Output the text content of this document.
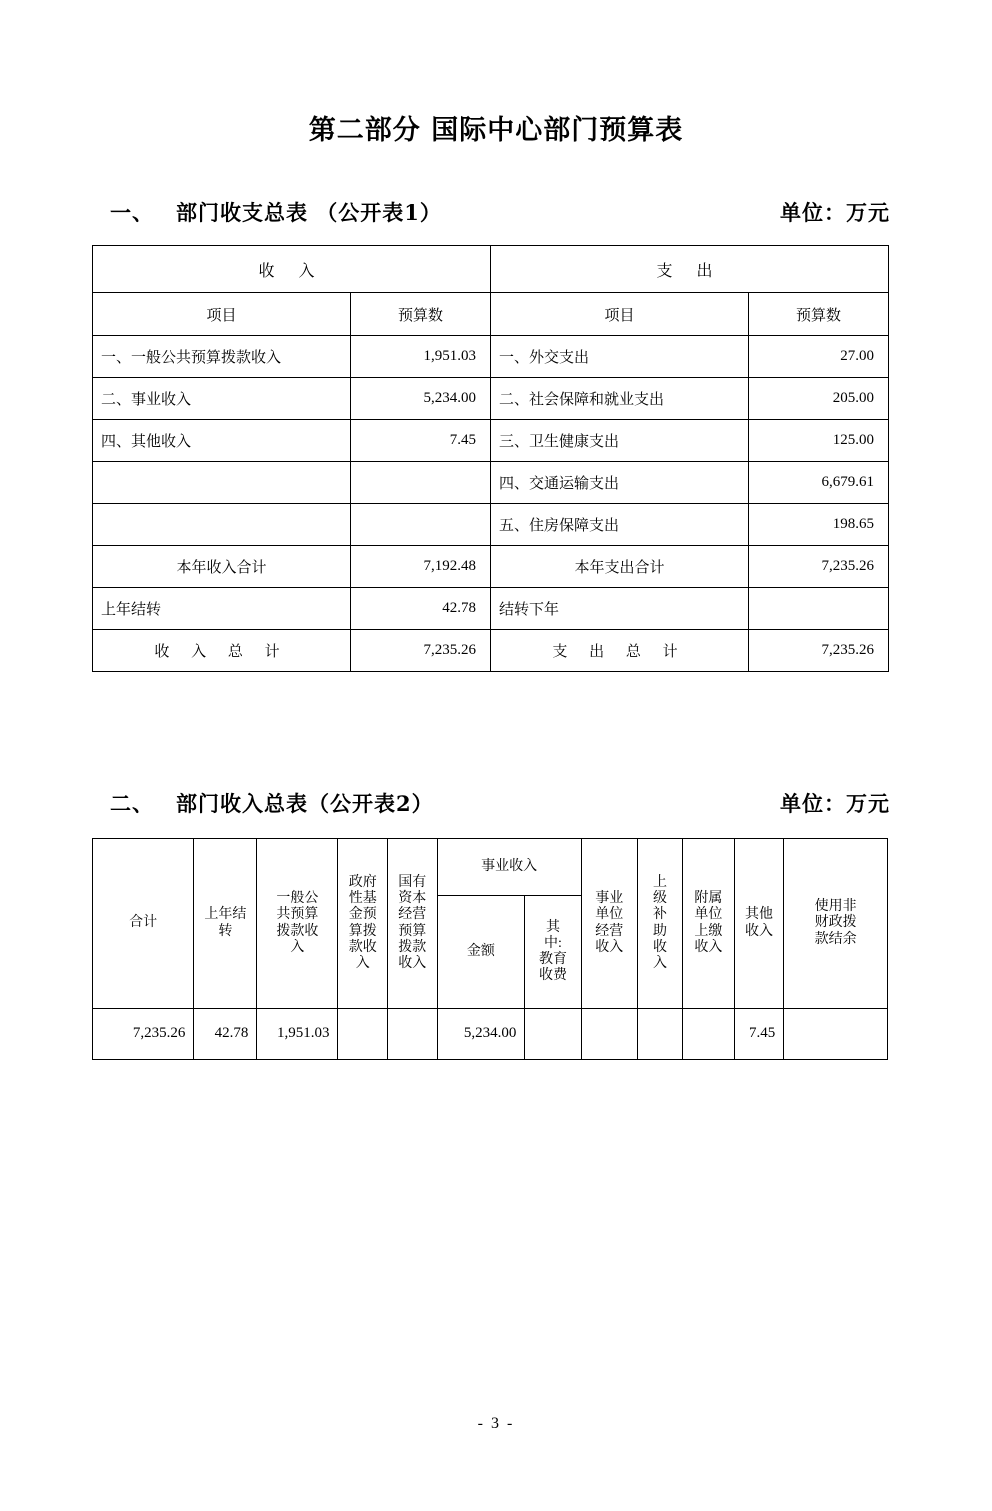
第二部分 国际中心部门预算表
一、 部门收支总表 （公开表1）	单位：万元
收 入		支 出	
项目	预算数	项目	预算数
一、一般公共预算拨款收入	1,951.03	一、外交支出	27.00
二、事业收入	5,234.00	二、社会保障和就业支出	205.00
四、其他收入	7.45	三、卫生健康支出	125.00
		四、交通运输支出	6,679.61
		五、住房保障支出	198.65
本年收入合计	7,192.48	本年支出合计	7,235.26
上年结转	42.78	结转下年	
收 入 总 计	7,235.26	支 出 总 计	7,235.26
二、 部门收入总表（公开表2）	单位：万元
合计	上年结转	一般公共预算拨款收入	政府性基金预算拨款收入	国有资本经营预算拨款收入	事业收入		事业单位经营收入	上级补助收入	附属单位上缴收入	其他收入	使用非财政拨款结余

					金额	其中:教育收费					

7,235.26	42.78	1,951.03			5,234.00					7.45	
- 3 -
